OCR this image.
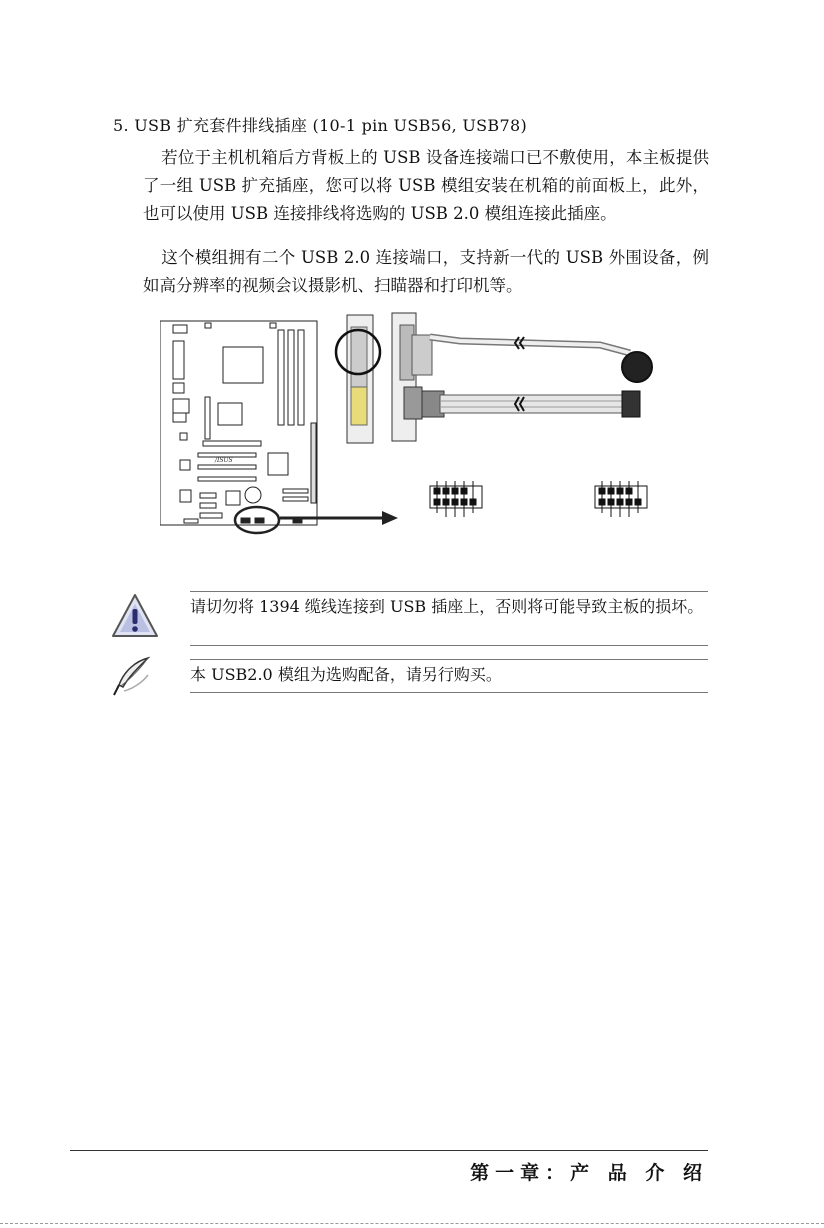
5. USB 扩充套件排线插座 (10-1 pin USB56, USB78)
若位于主机机箱后方背板上的 USB 设备连接端口已不敷使用，本主板提供了一组 USB 扩充插座，您可以将 USB 模组安装在机箱的前面板上，此外，也可以使用 USB 连接排线将选购的 USB 2.0 模组连接此插座。
这个模组拥有二个 USB 2.0 连接端口，支持新一代的 USB 外围设备，例如高分辨率的视频会议摄影机、扫瞄器和打印机等。
/ISUS
请切勿将 1394 缆线连接到 USB 插座上，否则将可能导致主板的损坏。
本 USB2.0 模组为选购配备，请另行购买。
第一章：产 品 介 绍
